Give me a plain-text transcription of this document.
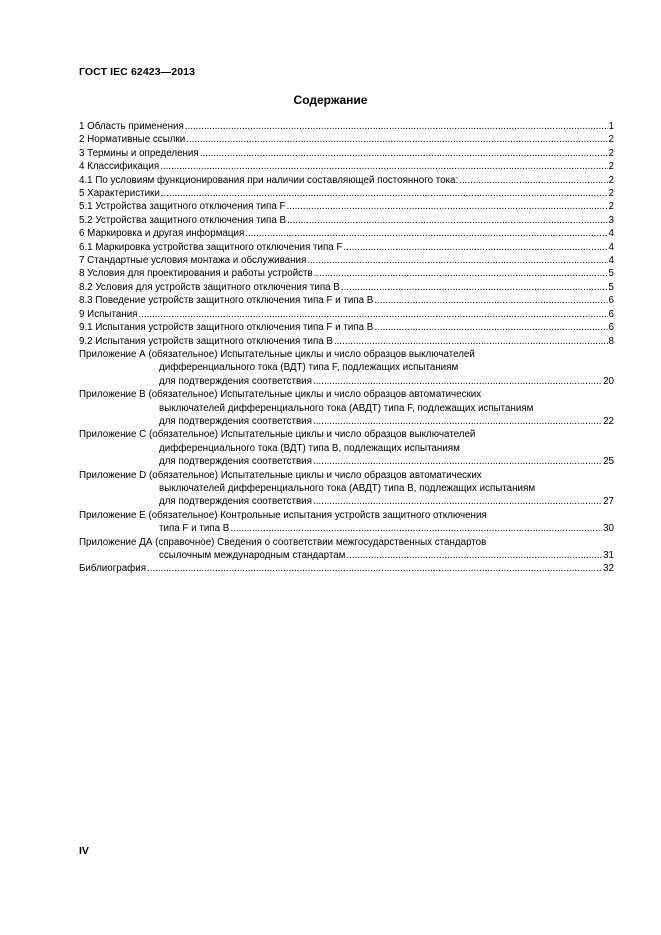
ГОСТ IEC 62423—2013
Содержание
1 Область применения .....	1
2 Нормативные ссылки .....	2
3 Термины и определения .....	2
4 Классификация .....	2
4.1 По условиям функционирования при наличии составляющей постоянного тока: .....	2
5 Характеристики .....	2
5.1 Устройства защитного отключения типа F .....	2
5.2 Устройства защитного отключения типа B .....	3
6 Маркировка и другая информация .....	4
6.1 Маркировка устройства защитного отключения типа F .....	4
7 Стандартные условия монтажа и обслуживания .....	4
8 Условия для проектирования и работы устройств .....	5
8.2 Условия для устройств защитного отключения типа B .....	5
8.3 Поведение устройств защитного отключения типа F и типа B .....	6
9 Испытания .....	6
9.1 Испытания устройств защитного отключения типа F и типа B .....	6
9.2 Испытания устройств защитного отключения типа B .....	8
Приложение А (обязательное) Испытательные циклы и число образцов выключателей
дифференциального тока (ВДТ) типа F, подлежащих испытаниям
для подтверждения соответствия .....	20
Приложение В (обязательное) Испытательные циклы и число образцов автоматических
выключателей дифференциального тока (АВДТ) типа F, подлежащих испытаниям
для подтверждения соответствия .....	22
Приложение С (обязательное) Испытательные циклы и число образцов выключателей
дифференциального тока (ВДТ) типа В, подлежащих испытаниям
для подтверждения соответствия .....	25
Приложение D (обязательное) Испытательные циклы и число образцов автоматических
выключателей дифференциального тока (АВДТ) типа В, подлежащих испытаниям
для подтверждения соответствия .....	27
Приложение Е (обязательное) Контрольные испытания устройств защитного отключения
типа F и типа В .....	30
Приложение ДА (справочное) Сведения о соответствии межгосударственных стандартов
ссылочным международным стандартам .....	31
Библиография .....	32
IV
